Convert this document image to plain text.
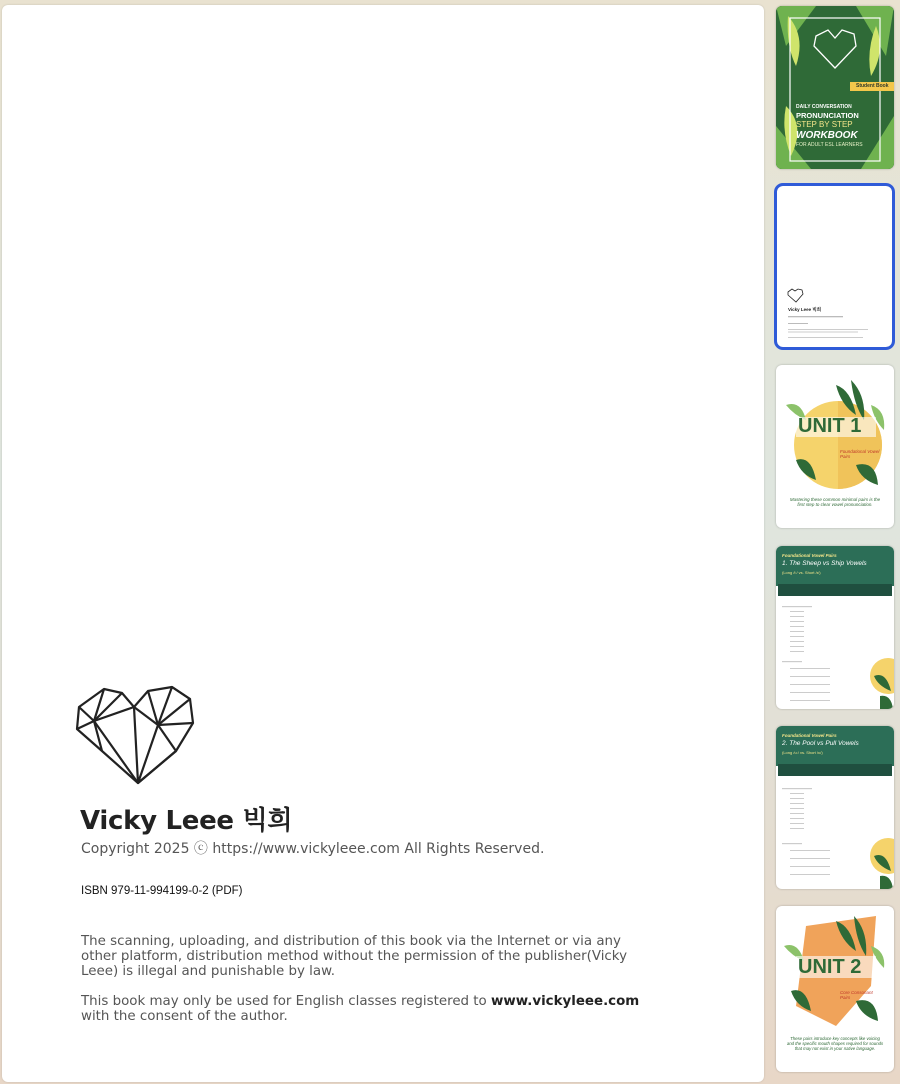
Vicky Leee 빅희
Copyright 2025 ⓒ https://www.vickyleee.com All Rights Reserved.
ISBN 979-11-994199-0-2 (PDF)
The scanning, uploading, and distribution of this book via the Internet or via any other platform, distribution method without the permission of the publisher(Vicky Leee) is illegal and punishable by law.
This book may only be used for English classes registered to www.vickyleee.com with the consent of the author.
Student Book
DAILY CONVERSATION
PRONUNCIATION
STEP BY STEP
WORKBOOK
FOR ADULT ESL LEARNERS
Vicky Leee 빅희
UNIT 1
Foundational Vowel Pairs
Mastering these common minimal pairs is the first step to clear vowel pronunciation.
Foundational Vowel Pairs
1. The Sheep vs Ship Vowels
(Long /iː/ vs. Short /ɪ/)
Foundational Vowel Pairs
2. The Pool vs Pull Vowels
(Long /uː/ vs. Short /ʊ/)
UNIT 2
Core Consonant Pairs
These pairs introduce key concepts like voicing and the specific mouth shapes required for sounds that may not exist in your native language.
